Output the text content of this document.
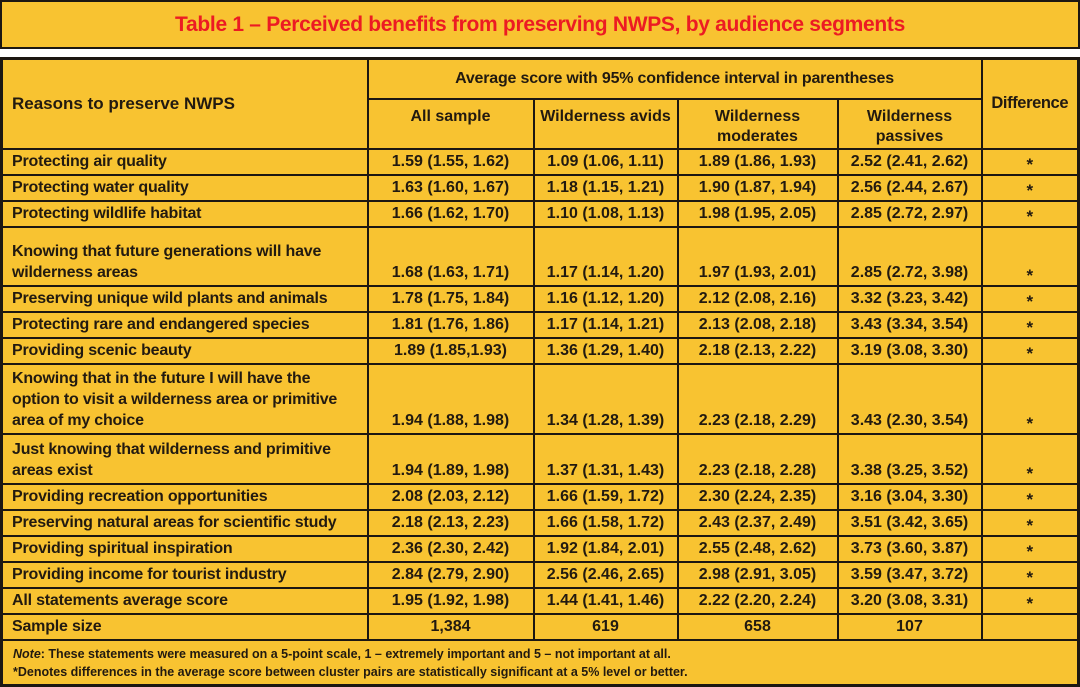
Table 1 – Perceived benefits from preserving NWPS, by audience segments
Reasons to preserve NWPS	Average score with 95% confidence interval in parentheses				Difference
	All sample	Wilderness avids	Wilderness moderates	Wilderness passives	
Protecting air quality	1.59 (1.55, 1.62)	1.09 (1.06, 1.11)	1.89 (1.86, 1.93)	2.52 (2.41, 2.62)	*
Protecting water quality	1.63 (1.60, 1.67)	1.18 (1.15, 1.21)	1.90 (1.87, 1.94)	2.56 (2.44, 2.67)	*
Protecting wildlife habitat	1.66 (1.62, 1.70)	1.10 (1.08, 1.13)	1.98 (1.95, 2.05)	2.85 (2.72, 2.97)	*
Knowing that future generations will have wilderness areas	1.68 (1.63, 1.71)	1.17 (1.14, 1.20)	1.97 (1.93, 2.01)	2.85 (2.72, 3.98)	*
Preserving unique wild plants and animals	1.78 (1.75, 1.84)	1.16 (1.12, 1.20)	2.12 (2.08, 2.16)	3.32 (3.23, 3.42)	*
Protecting rare and endangered species	1.81 (1.76, 1.86)	1.17 (1.14, 1.21)	2.13 (2.08, 2.18)	3.43 (3.34, 3.54)	*
Providing scenic beauty	1.89 (1.85,1.93)	1.36 (1.29, 1.40)	2.18 (2.13, 2.22)	3.19 (3.08, 3.30)	*
Knowing that in the future I will have the option to visit a wilderness area or primitive area of my choice	1.94 (1.88, 1.98)	1.34 (1.28, 1.39)	2.23 (2.18, 2.29)	3.43 (2.30, 3.54)	*
Just knowing that wilderness and primitive areas exist	1.94 (1.89, 1.98)	1.37 (1.31, 1.43)	2.23 (2.18, 2.28)	3.38 (3.25, 3.52)	*
Providing recreation opportunities	2.08 (2.03, 2.12)	1.66 (1.59, 1.72)	2.30 (2.24, 2.35)	3.16 (3.04, 3.30)	*
Preserving natural areas for scientific study	2.18 (2.13, 2.23)	1.66 (1.58, 1.72)	2.43 (2.37, 2.49)	3.51 (3.42, 3.65)	*
Providing spiritual inspiration	2.36 (2.30, 2.42)	1.92 (1.84, 2.01)	2.55 (2.48, 2.62)	3.73 (3.60, 3.87)	*
Providing income for tourist industry	2.84 (2.79, 2.90)	2.56 (2.46, 2.65)	2.98 (2.91, 3.05)	3.59 (3.47, 3.72)	*
All statements average score	1.95 (1.92, 1.98)	1.44 (1.41, 1.46)	2.22 (2.20, 2.24)	3.20 (3.08, 3.31)	*
Sample size	1,384	619	658	107	

Note: These statements were measured on a 5-point scale, 1 – extremely important and 5 – not important at all.
*Denotes differences in the average score between cluster pairs are statistically significant at a 5% level or better.					
